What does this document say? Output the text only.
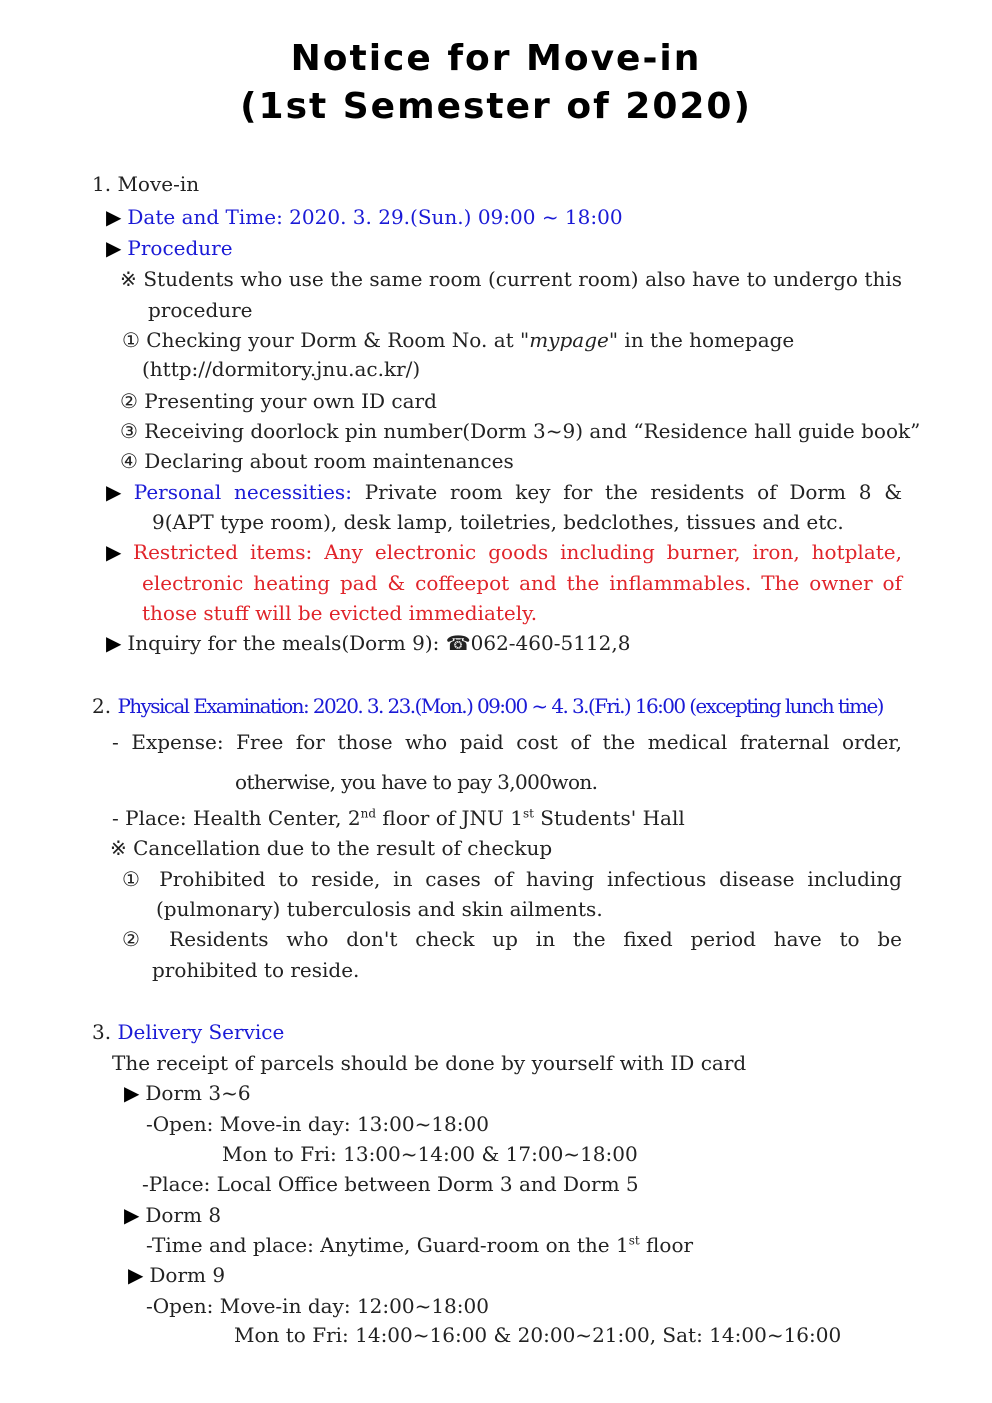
Notice for Move-in
(1st Semester of 2020)
1. Move-in
▶ Date and Time: 2020. 3. 29.(Sun.) 09:00 ~ 18:00
▶ Procedure
※ Students who use the same room (current room) also have to undergo this
procedure
① Checking your Dorm & Room No. at "mypage" in the homepage
(http://dormitory.jnu.ac.kr/)
② Presenting your own ID card
③ Receiving doorlock pin number(Dorm 3~9) and “Residence hall guide book”
④ Declaring about room maintenances
▶ Personal necessities: Private room key for the residents of Dorm 8 &
9(APT type room), desk lamp, toiletries, bedclothes, tissues and etc.
▶ Restricted items: Any electronic goods including burner, iron, hotplate,
electronic heating pad & coffeepot and the inflammables. The owner of
those stuff will be evicted immediately.
▶ Inquiry for the meals(Dorm 9): ☎062-460-5112,8
2. Physical Examination: 2020. 3. 23.(Mon.) 09:00 ~ 4. 3.(Fri.) 16:00 (excepting lunch time)
- Expense: Free for those who paid cost of the medical fraternal order,
otherwise, you have to pay 3,000won.
- Place: Health Center, 2nd floor of JNU 1st Students' Hall
※ Cancellation due to the result of checkup
① Prohibited to reside, in cases of having infectious disease including
(pulmonary) tuberculosis and skin ailments.
② Residents who don't check up in the fixed period have to be
prohibited to reside.
3. Delivery Service
The receipt of parcels should be done by yourself with ID card
▶ Dorm 3~6
-Open: Move-in day: 13:00~18:00
Mon to Fri: 13:00~14:00 & 17:00~18:00
-Place: Local Office between Dorm 3 and Dorm 5
▶ Dorm 8
-Time and place: Anytime, Guard-room on the 1st floor
▶ Dorm 9
-Open: Move-in day: 12:00~18:00
Mon to Fri: 14:00~16:00 & 20:00~21:00, Sat: 14:00~16:00
